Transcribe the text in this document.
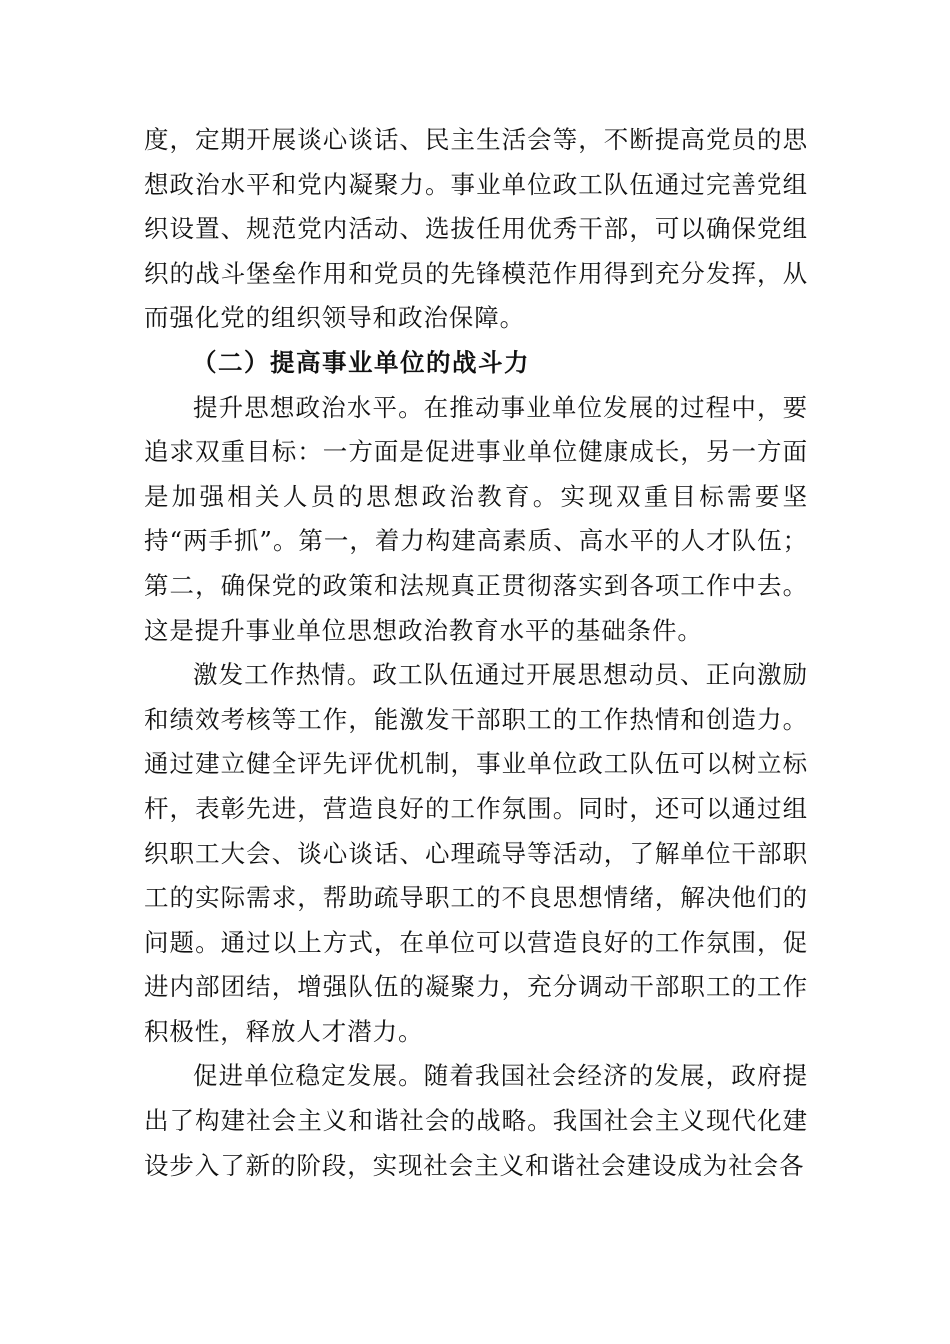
度，定期开展谈心谈话、民主生活会等，不断提高党员的思想政治水平和党内凝聚力。事业单位政工队伍通过完善党组织设置、规范党内活动、选拔任用优秀干部，可以确保党组织的战斗堡垒作用和党员的先锋模范作用得到充分发挥，从而强化党的组织领导和政治保障。

（二）提高事业单位的战斗力

提升思想政治水平。在推动事业单位发展的过程中，要追求双重目标：一方面是促进事业单位健康成长，另一方面是加强相关人员的思想政治教育。实现双重目标需要坚持“两手抓”。第一，着力构建高素质、高水平的人才队伍；第二，确保党的政策和法规真正贯彻落实到各项工作中去。这是提升事业单位思想政治教育水平的基础条件。

激发工作热情。政工队伍通过开展思想动员、正向激励和绩效考核等工作，能激发干部职工的工作热情和创造力。通过建立健全评先评优机制，事业单位政工队伍可以树立标杆，表彰先进，营造良好的工作氛围。同时，还可以通过组织职工大会、谈心谈话、心理疏导等活动，了解单位干部职工的实际需求，帮助疏导职工的不良思想情绪，解决他们的问题。通过以上方式，在单位可以营造良好的工作氛围，促进内部团结，增强队伍的凝聚力，充分调动干部职工的工作积极性，释放人才潜力。

促进单位稳定发展。随着我国社会经济的发展，政府提出了构建社会主义和谐社会的战略。我国社会主义现代化建设步入了新的阶段，实现社会主义和谐社会建设成为社会各
